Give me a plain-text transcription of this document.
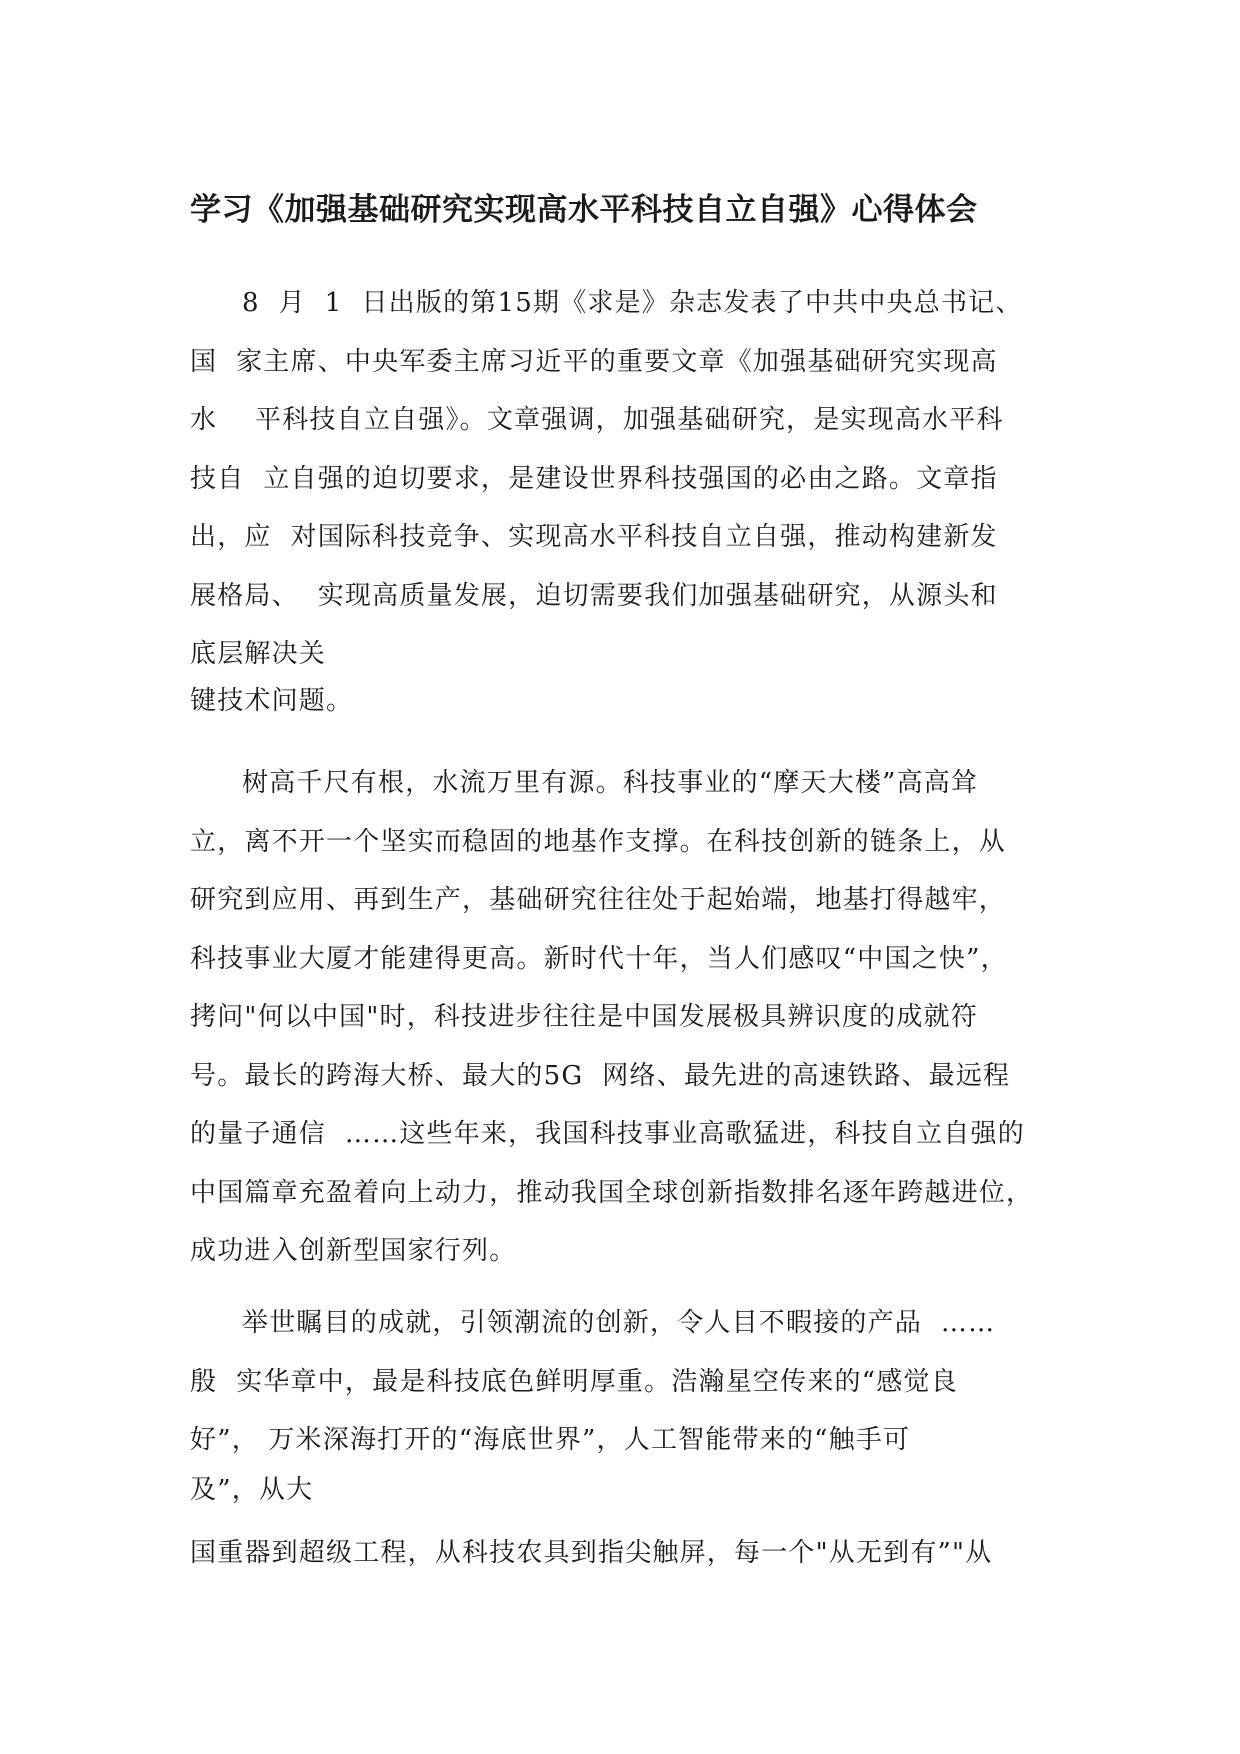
学习《加强基础研究实现高水平科技自立自强》心得体会
8  月  1  日出版的第15期《求是》杂志发表了中共中央总书记、
国  家主席、中央军委主席习近平的重要文章《加强基础研究实现高
水    平科技自立自强》。文章强调，加强基础研究，是实现高水平科
技自  立自强的迫切要求，是建设世界科技强国的必由之路。文章指
出，应  对国际科技竞争、实现高水平科技自立自强，推动构建新发
展格局、  实现高质量发展，迫切需要我们加强基础研究，从源头和
底层解决关
键技术问题。
树高千尺有根，水流万里有源。科技事业的“摩天大楼”高高耸
立，离不开一个坚实而稳固的地基作支撑。在科技创新的链条上，从
研究到应用、再到生产，基础研究往往处于起始端，地基打得越牢，
科技事业大厦才能建得更高。新时代十年，当人们感叹“中国之快”，
拷问"何以中国"时，科技进步往往是中国发展极具辨识度的成就符
号。最长的跨海大桥、最大的5G  网络、最先进的高速铁路、最远程
的量子通信  ……这些年来，我国科技事业高歌猛进，科技自立自强的
中国篇章充盈着向上动力，推动我国全球创新指数排名逐年跨越进位，
成功进入创新型国家行列。
举世瞩目的成就，引领潮流的创新，令人目不暇接的产品  ……
殷  实华章中，最是科技底色鲜明厚重。浩瀚星空传来的“感觉良
好”， 万米深海打开的“海底世界”，人工智能带来的“触手可
及”，从大
国重器到超级工程，从科技农具到指尖触屏，每一个"从无到有”"从
